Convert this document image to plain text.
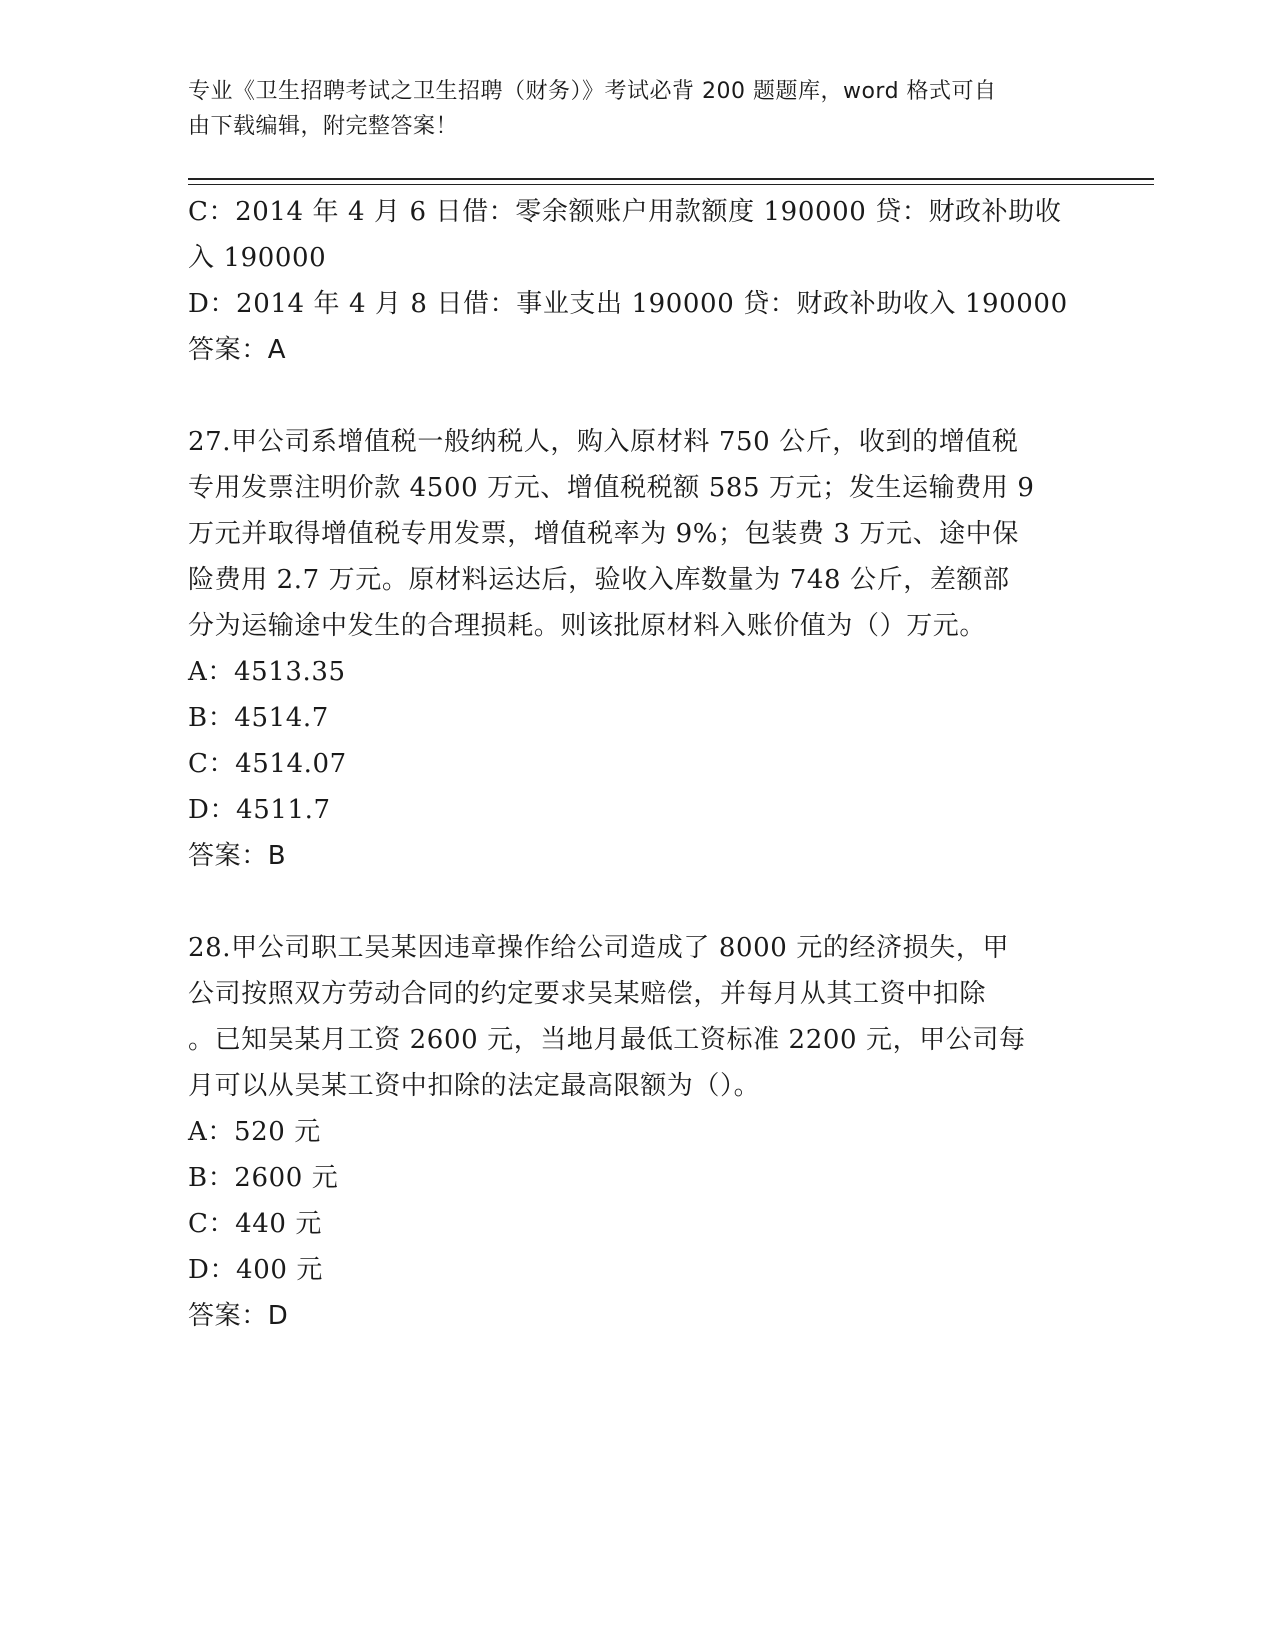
专业《卫生招聘考试之卫生招聘（财务）》考试必背 200 题题库，word 格式可自
由下载编辑，附完整答案！
C：2014 年 4 月 6 日借：零余额账户用款额度 190000 贷：财政补助收
入 190000
D：2014 年 4 月 8 日借：事业支出 190000 贷：财政补助收入 190000
答案：A
27.甲公司系增值税一般纳税人，购入原材料 750 公斤，收到的增值税
专用发票注明价款 4500 万元、增值税税额 585 万元；发生运输费用 9
万元并取得增值税专用发票，增值税率为 9%；包装费 3 万元、途中保
险费用 2.7 万元。原材料运达后，验收入库数量为 748 公斤，差额部
分为运输途中发生的合理损耗。则该批原材料入账价值为（）万元。
A：4513.35
B：4514.7
C：4514.07
D：4511.7
答案：B
28.甲公司职工吴某因违章操作给公司造成了 8000 元的经济损失，甲
公司按照双方劳动合同的约定要求吴某赔偿，并每月从其工资中扣除
。已知吴某月工资 2600 元，当地月最低工资标准 2200 元，甲公司每
月可以从吴某工资中扣除的法定最高限额为（）。
A：520 元
B：2600 元
C：440 元
D：400 元
答案：D
